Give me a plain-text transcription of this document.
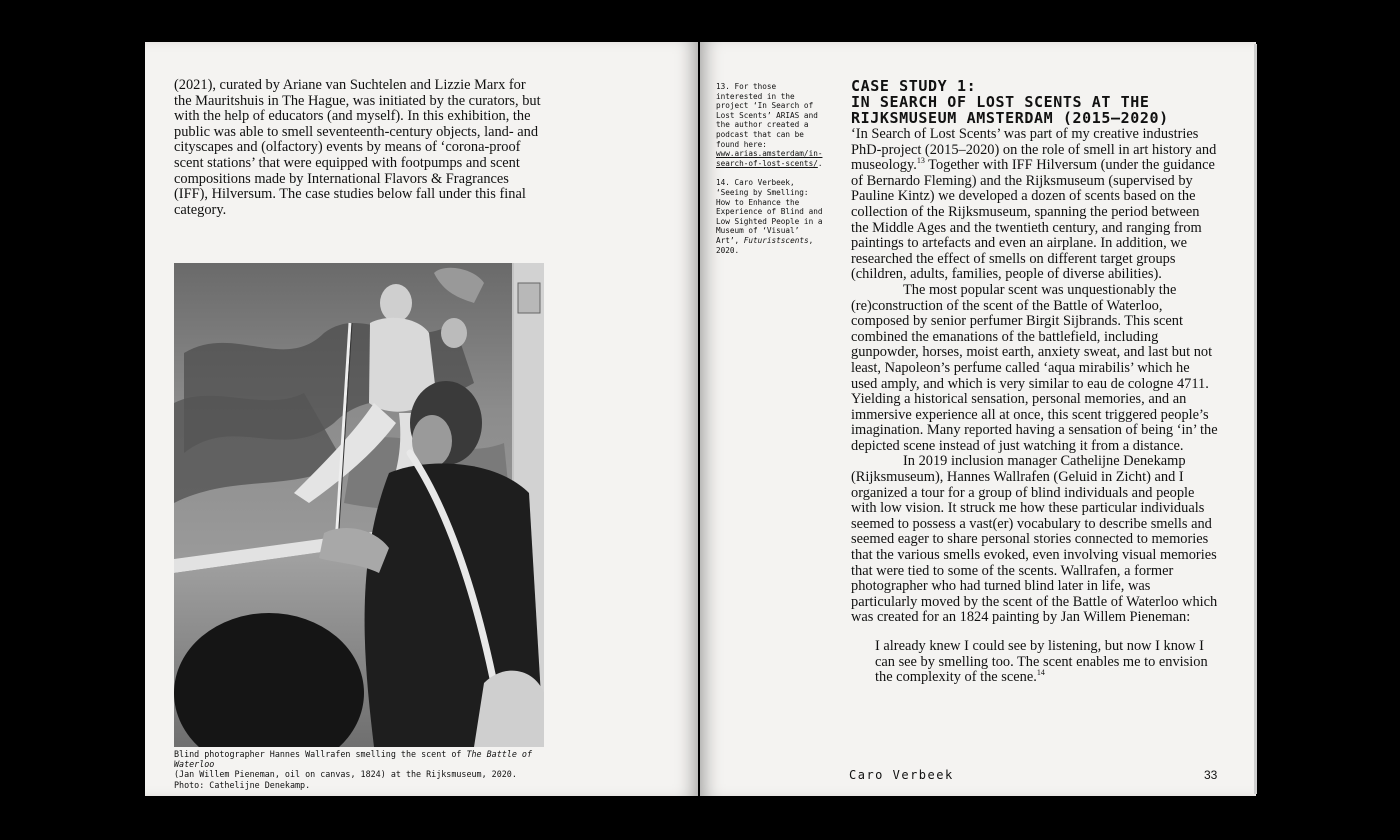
(2021), curated by Ariane van Suchtelen and Lizzie Marx for the Mauritshuis in The Hague, was initiated by the curators, but with the help of educators (and myself). In this exhibition, the public was able to smell seventeenth-century objects, land- and cityscapes and (olfactory) events by means of ‘corona-proof scent stations’ that were equipped with footpumps and scent compositions made by International Flavors & Fragrances (IFF), Hilversum. The case studies below fall under this final category.

Blind photographer Hannes Wallrafen smelling the scent of The Battle of Waterloo
(Jan Willem Pieneman, oil on canvas, 1824) at the Rijksmuseum, 2020.
Photo: Cathelijne Denekamp.

13. For those interested in the project ‘In Search of Lost Scents’ ARIAS and the author created a podcast that can be found here: www.arias.amsterdam/in-search-of-lost-scents/.

14. Caro Verbeek, ‘Seeing by Smelling: How to Enhance the Experience of Blind and Low Sighted People in a Museum of ‘Visual’ Art’, Futuristscents, 2020.

CASE STUDY 1:
IN SEARCH OF LOST SCENTS AT THE
RIJKSMUSEUM AMSTERDAM (2015–2020)

‘In Search of Lost Scents’ was part of my creative industries PhD-project (2015–2020) on the role of smell in art history and museology.$^{13}$ Together with IFF Hilversum (under the guidance of Bernardo Fleming) and the Rijksmuseum (supervised by Pauline Kintz) we developed a dozen of scents based on the collection of the Rijksmuseum, spanning the period between the Middle Ages and the twentieth century, and ranging from paintings to artefacts and even an airplane. In addition, we researched the effect of smells on different target groups (children, adults, families, people of diverse abilities).

The most popular scent was unquestionably the (re)construction of the scent of the Battle of Waterloo, composed by senior perfumer Birgit Sijbrands. This scent combined the emanations of the battlefield, including gunpowder, horses, moist earth, anxiety sweat, and last but not least, Napoleon’s perfume called ‘aqua mirabilis’ which he used amply, and which is very similar to eau de cologne 4711. Yielding a historical sensation, personal memories, and an immersive experience all at once, this scent triggered people’s imagination. Many reported having a sensation of being ‘in’ the depicted scene instead of just watching it from a distance.

In 2019 inclusion manager Cathelijne Denekamp (Rijksmuseum), Hannes Wallrafen (Geluid in Zicht) and I organized a tour for a group of blind individuals and people with low vision. It struck me how these particular individuals seemed to possess a vast(er) vocabulary to describe smells and seemed eager to share personal stories connected to memories that the various smells evoked, even involving visual memories that were tied to some of the scents. Wallrafen, a former photographer who had turned blind later in life, was particularly moved by the scent of the Battle of Waterloo which was created for an 1824 painting by Jan Willem Pieneman:

I already knew I could see by listening, but now I know I can see by smelling too. The scent enables me to envision the complexity of the scene.$^{14}$

Caro Verbeek	33
